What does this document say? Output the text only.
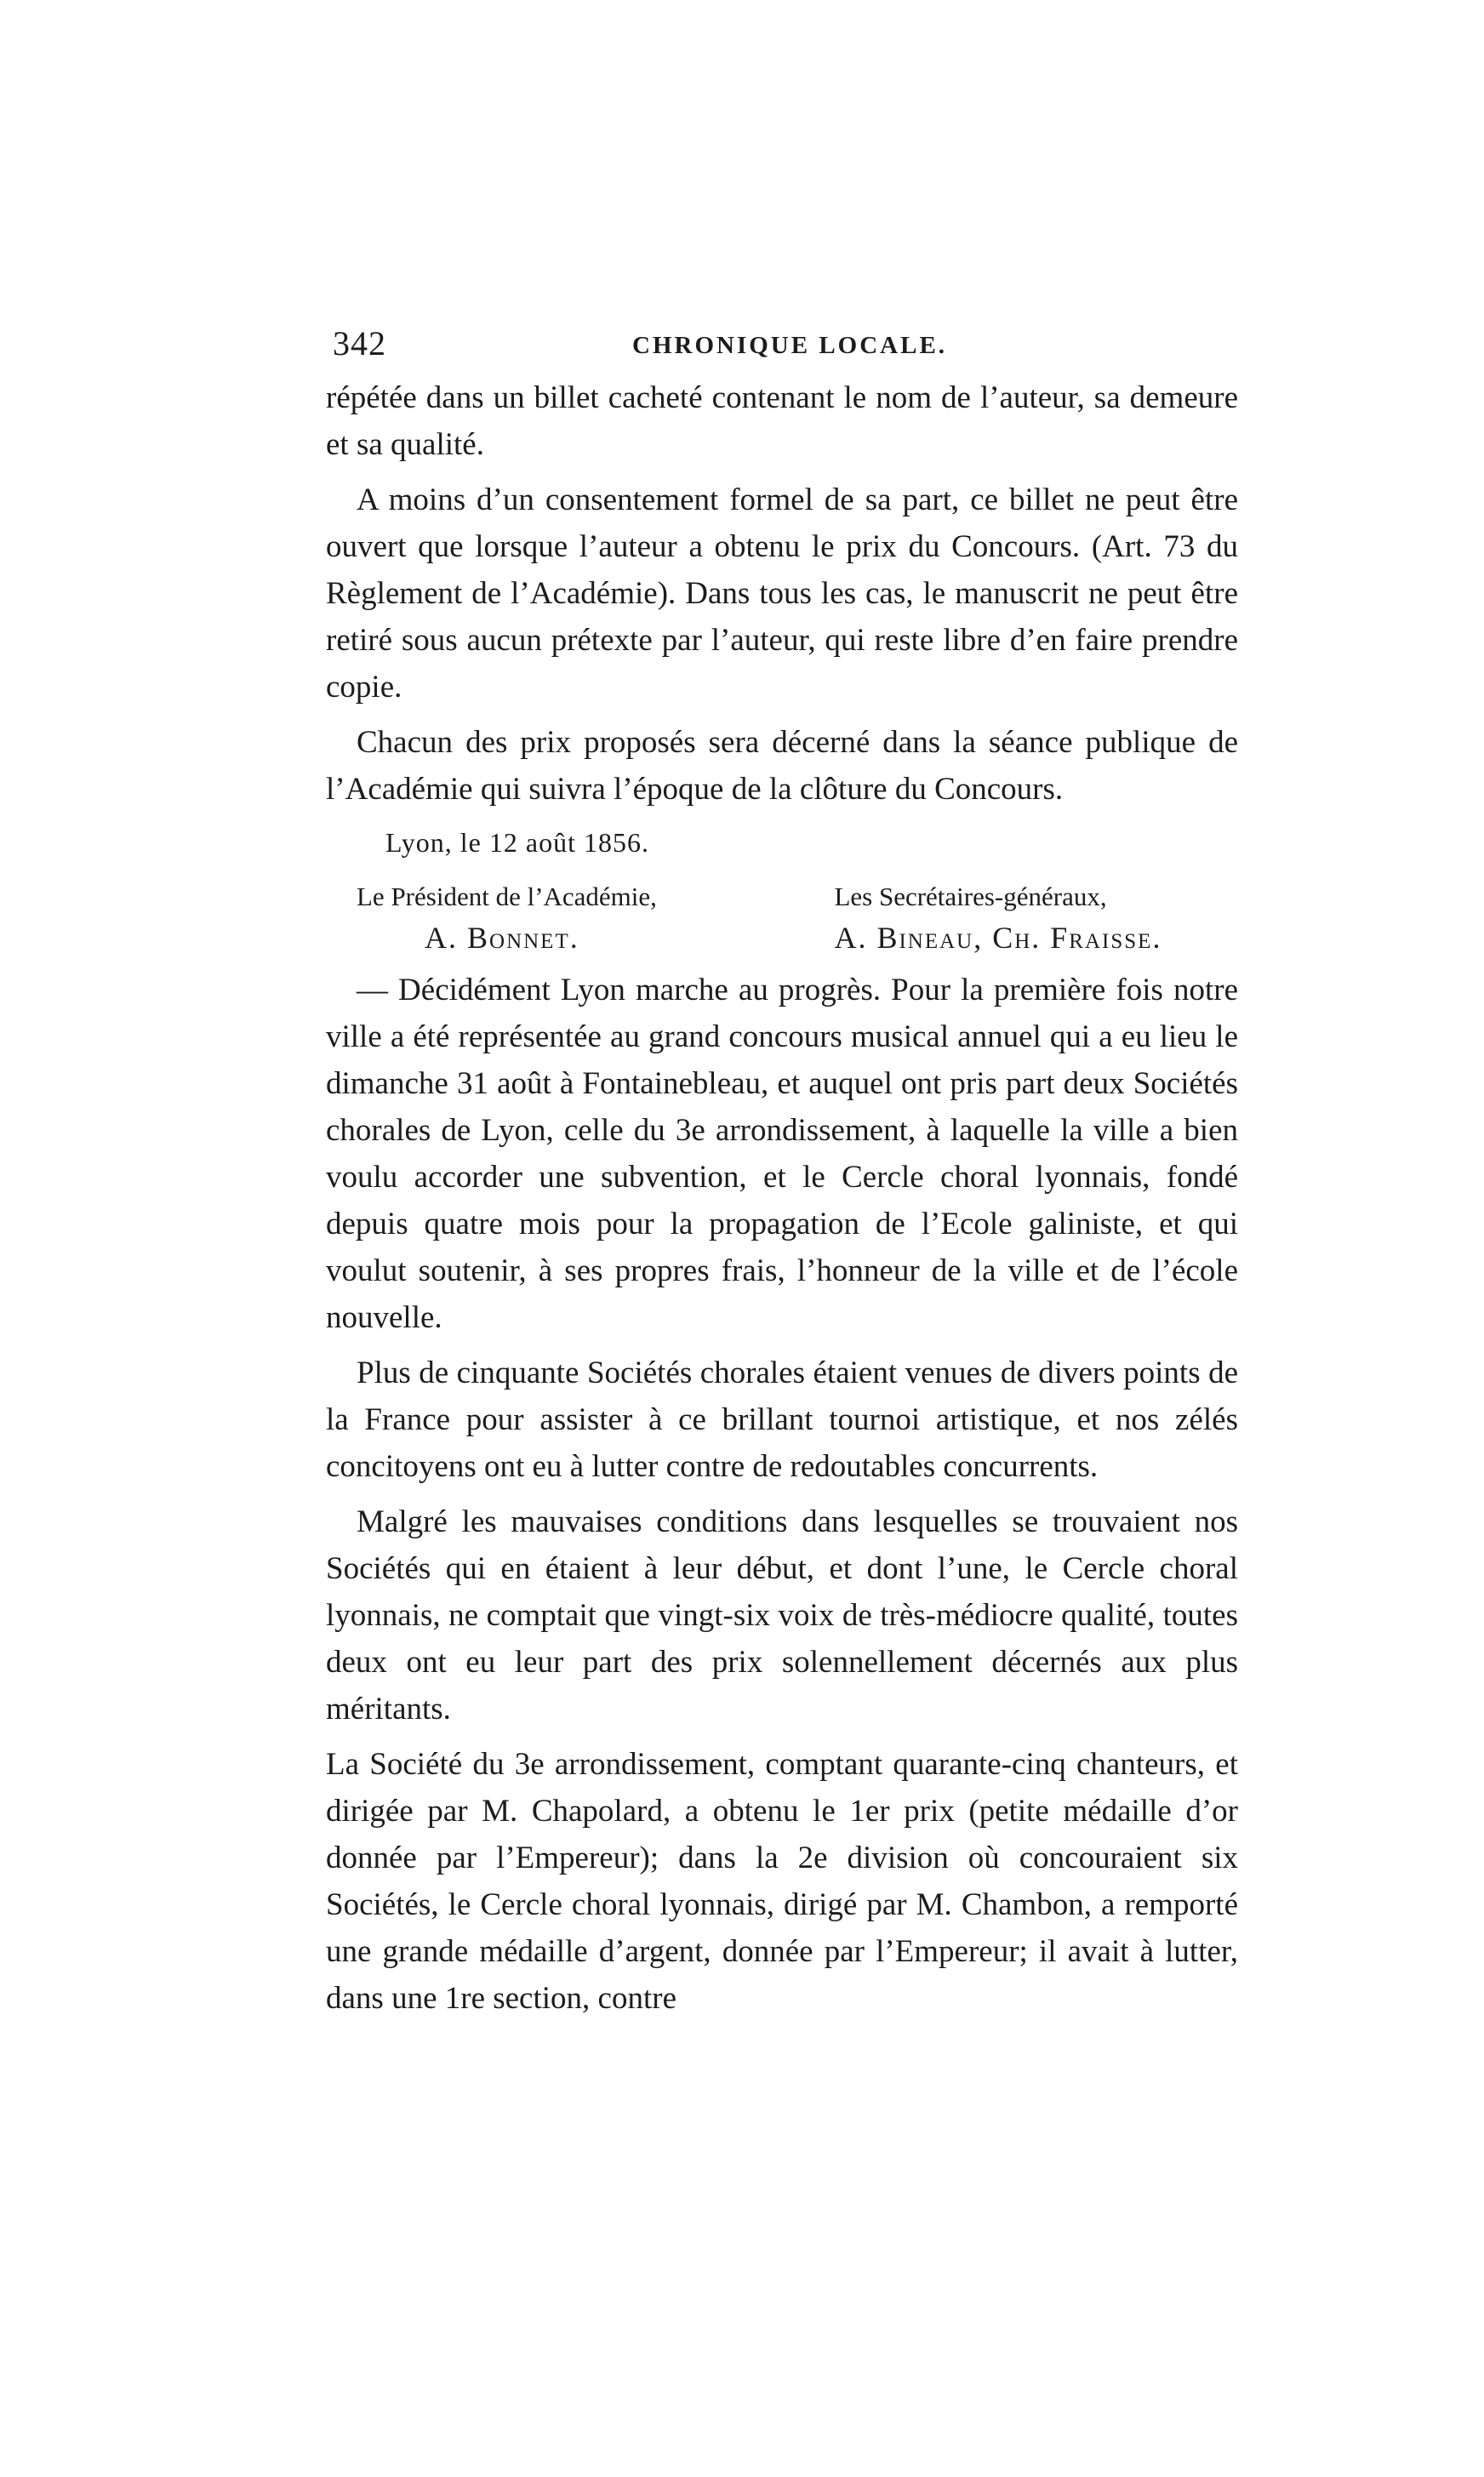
342	CHRONIQUE LOCALE.

répétée dans un billet cacheté contenant le nom de l’auteur, sa demeure et sa qualité.

A moins d’un consentement formel de sa part, ce billet ne peut être ouvert que lorsque l’auteur a obtenu le prix du Concours. (Art. 73 du Règlement de l’Académie). Dans tous les cas, le manuscrit ne peut être retiré sous aucun prétexte par l’auteur, qui reste libre d’en faire prendre copie.

Chacun des prix proposés sera décerné dans la séance publique de l’Académie qui suivra l’époque de la clôture du Concours.

Lyon, le 12 août 1856.
Le Président de l’Académie,
A. Bonnet.
Les Secrétaires-généraux,
A. Bineau, Ch. Fraisse.

— Décidément Lyon marche au progrès. Pour la première fois notre ville a été représentée au grand concours musical annuel qui a eu lieu le dimanche 31 août à Fontainebleau, et auquel ont pris part deux Sociétés chorales de Lyon, celle du 3e arrondissement, à laquelle la ville a bien voulu accorder une subvention, et le Cercle choral lyonnais, fondé depuis quatre mois pour la propagation de l’Ecole galiniste, et qui voulut soutenir, à ses propres frais, l’honneur de la ville et de l’école nouvelle.

Plus de cinquante Sociétés chorales étaient venues de divers points de la France pour assister à ce brillant tournoi artistique, et nos zélés concitoyens ont eu à lutter contre de redoutables concurrents.

Malgré les mauvaises conditions dans lesquelles se trouvaient nos Sociétés qui en étaient à leur début, et dont l’une, le Cercle choral lyonnais, ne comptait que vingt-six voix de très-médiocre qualité, toutes deux ont eu leur part des prix solennellement décernés aux plus méritants.

La Société du 3e arrondissement, comptant quarante-cinq chanteurs, et dirigée par M. Chapolard, a obtenu le 1er prix (petite médaille d’or donnée par l’Empereur); dans la 2e division où concouraient six Sociétés, le Cercle choral lyonnais, dirigé par M. Chambon, a remporté une grande médaille d’argent, donnée par l’Empereur; il avait à lutter, dans une 1re section, contre
